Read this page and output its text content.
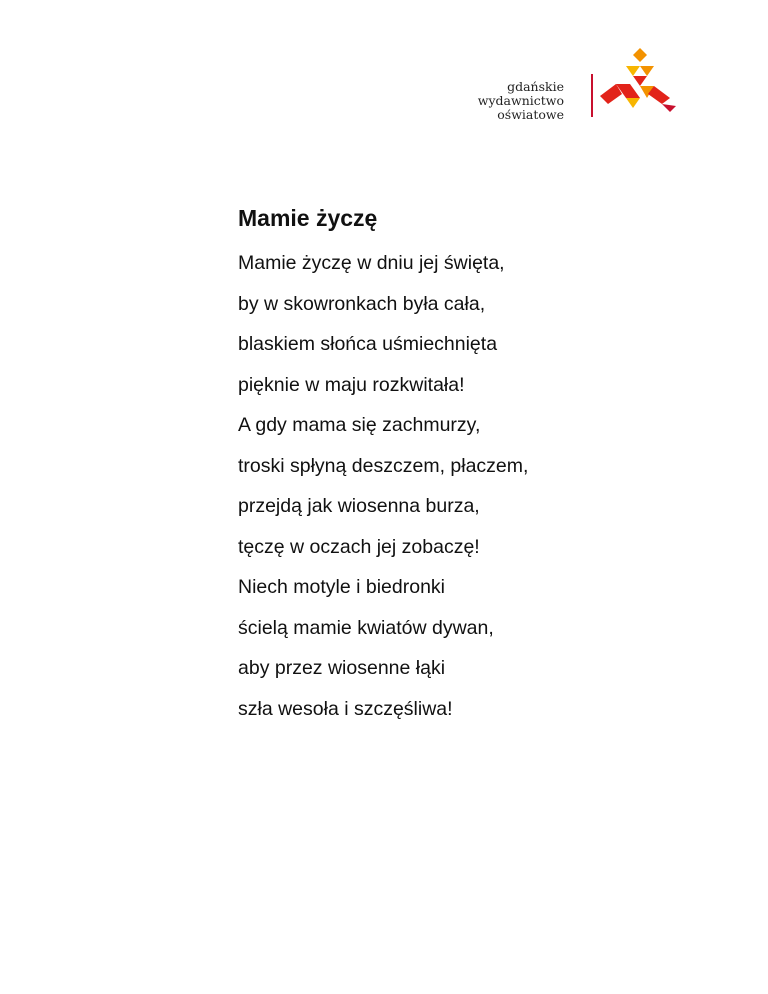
gdańskie
wydawnictwo
oświatowe
Mamie życzę
Mamie życzę w dniu jej święta,
by w skowronkach była cała,
blaskiem słońca uśmiechnięta
pięknie w maju rozkwitała!
A gdy mama się zachmurzy,
troski spłyną deszczem, płaczem,
przejdą jak wiosenna burza,
tęczę w oczach jej zobaczę!
Niech motyle i biedronki
ścielą mamie kwiatów dywan,
aby przez wiosenne łąki
szła wesoła i szczęśliwa!
